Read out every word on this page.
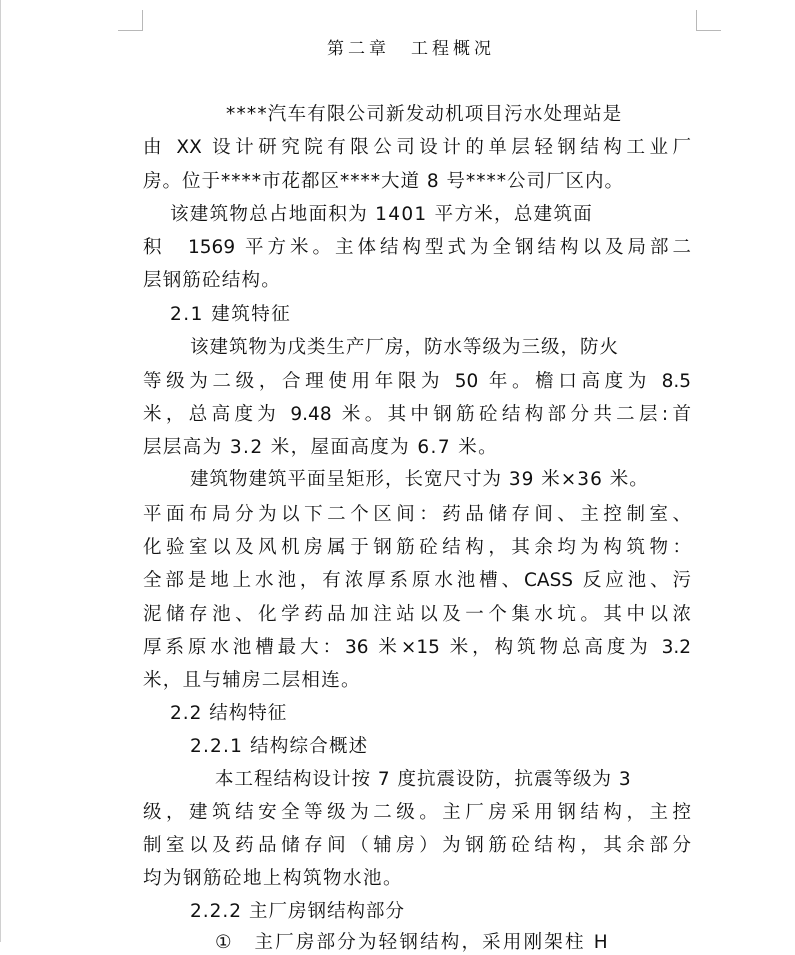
第二章　工程概况
****汽车有限公司新发动机项目污水处理站是
由 XX 设计研究院有限公司设计的单层轻钢结构工业厂
房。位于****市花都区****大道 8 号****公司厂区内。
该建筑物总占地面积为 1401 平方米，总建筑面
积　1569 平方米。主体结构型式为全钢结构以及局部二
层钢筋砼结构。
2.1 建筑特征
该建筑物为戊类生产厂房，防水等级为三级，防火
等级为二级，合理使用年限为 50 年。檐口高度为 8.5
米，总高度为 9.48 米。其中钢筋砼结构部分共二层:首
层层高为 3.2 米，屋面高度为 6.7 米。
建筑物建筑平面呈矩形，长宽尺寸为 39 米×36 米。
平面布局分为以下二个区间：药品储存间、主控制室、
化验室以及风机房属于钢筋砼结构，其余均为构筑物：
全部是地上水池，有浓厚系原水池槽、CASS 反应池、污
泥储存池、化学药品加注站以及一个集水坑。其中以浓
厚系原水池槽最大：36 米×15 米，构筑物总高度为 3.2
米，且与辅房二层相连。
2.2 结构特征
2.2.1 结构综合概述
本工程结构设计按 7 度抗震设防，抗震等级为 3
级，建筑结安全等级为二级。主厂房采用钢结构，主控
制室以及药品储存间（辅房）为钢筋砼结构，其余部分
均为钢筋砼地上构筑物水池。
2.2.2 主厂房钢结构部分
①　主厂房部分为轻钢结构，采用刚架柱 H
